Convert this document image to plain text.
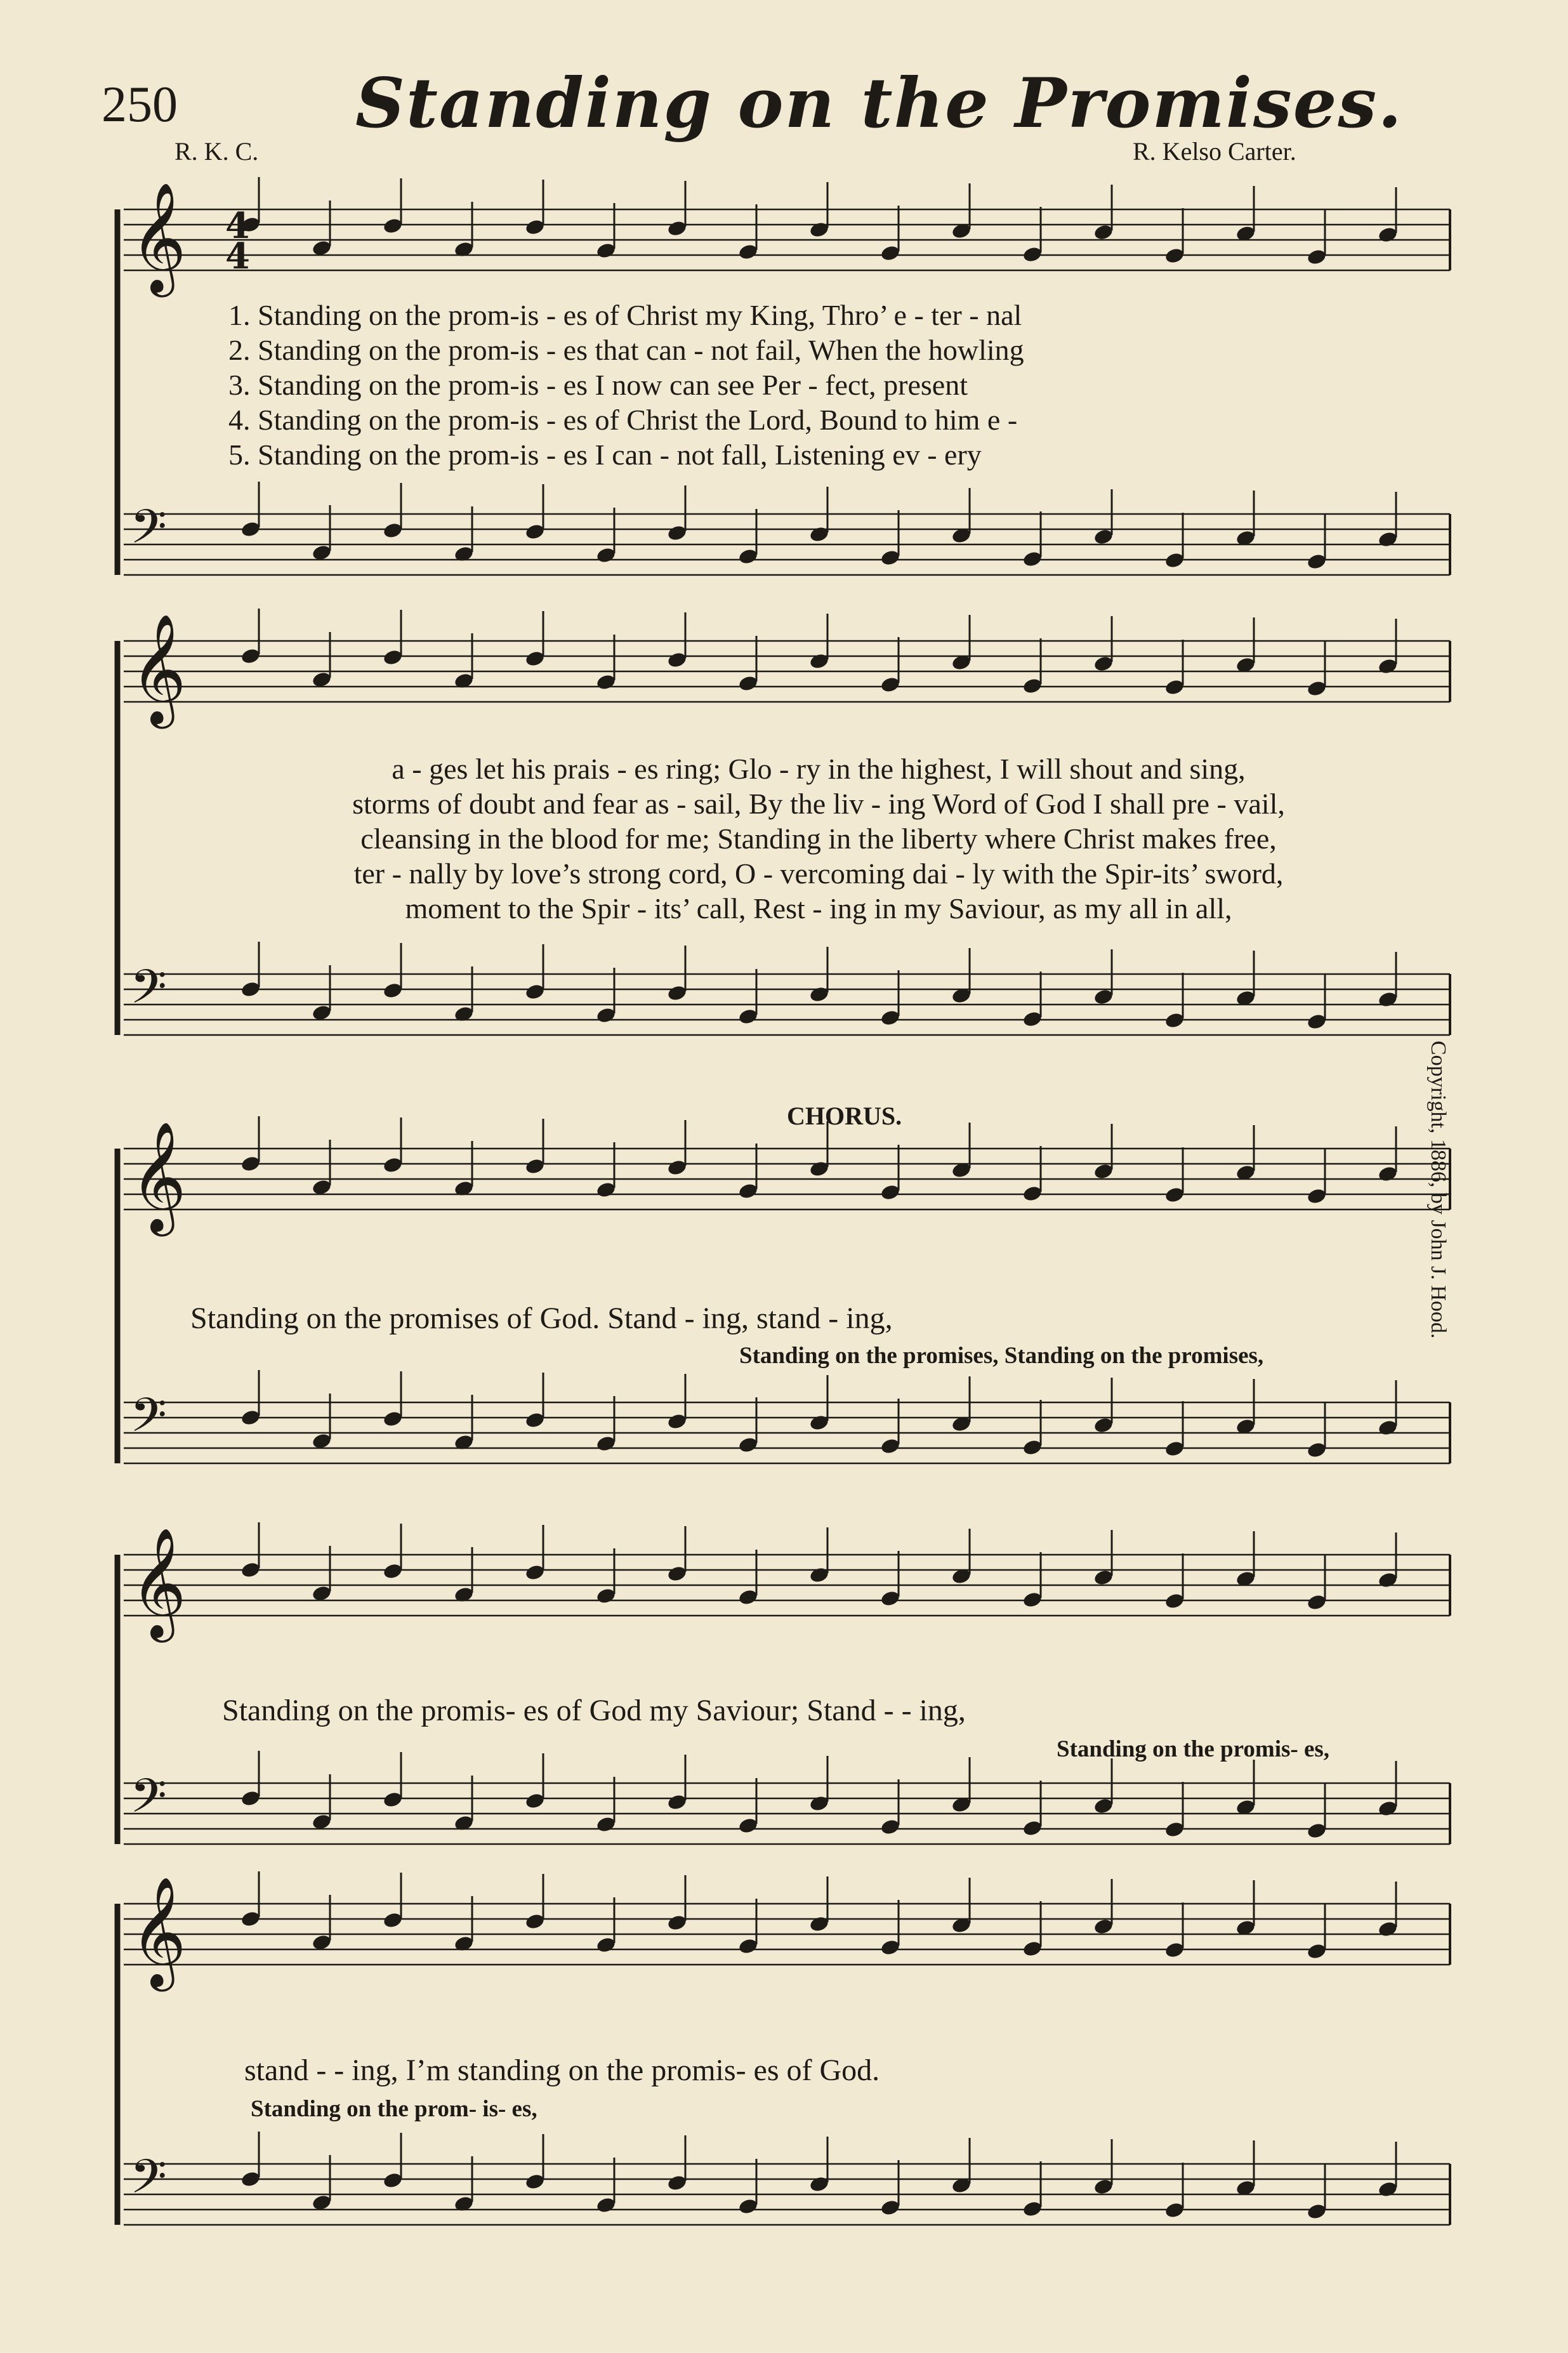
250	Standing on the Promises.
R. K. C.	R. Kelso Carter.
Copyright, 1886, by John J. Hood.
𝄞
𝄢
𝄞
𝄢
𝄞
𝄢
𝄞
𝄢
𝄞
𝄢
4
4
1. Standing on the prom-is - es of Christ my King, Thro’ e - ter - nal
2. Standing on the prom-is - es that can - not fail, When the howling
3. Standing on the prom-is - es I now can see Per - fect, present
4. Standing on the prom-is - es of Christ the Lord, Bound to him e -
5. Standing on the prom-is - es I can - not fall, Listening ev - ery
a - ges let his prais - es ring; Glo - ry in the highest, I will shout and sing,
storms of doubt and fear as - sail, By the liv - ing Word of God I shall pre - vail,
cleansing in the blood for me; Standing in the liberty where Christ makes free,
ter - nally by love’s strong cord, O - vercoming dai - ly with the Spir-its’ sword,
moment to the Spir - its’ call, Rest - ing in my Saviour, as my all in all,
CHORUS.
Standing on the promises of God. Stand - ing, stand - ing,
Standing on the promises, Standing on the promises,
Standing on the promis- es of God my Saviour; Stand - - ing,
Standing on the promis- es,
stand - - ing, I’m standing on the promis- es of God.
Standing on the prom- is- es,
